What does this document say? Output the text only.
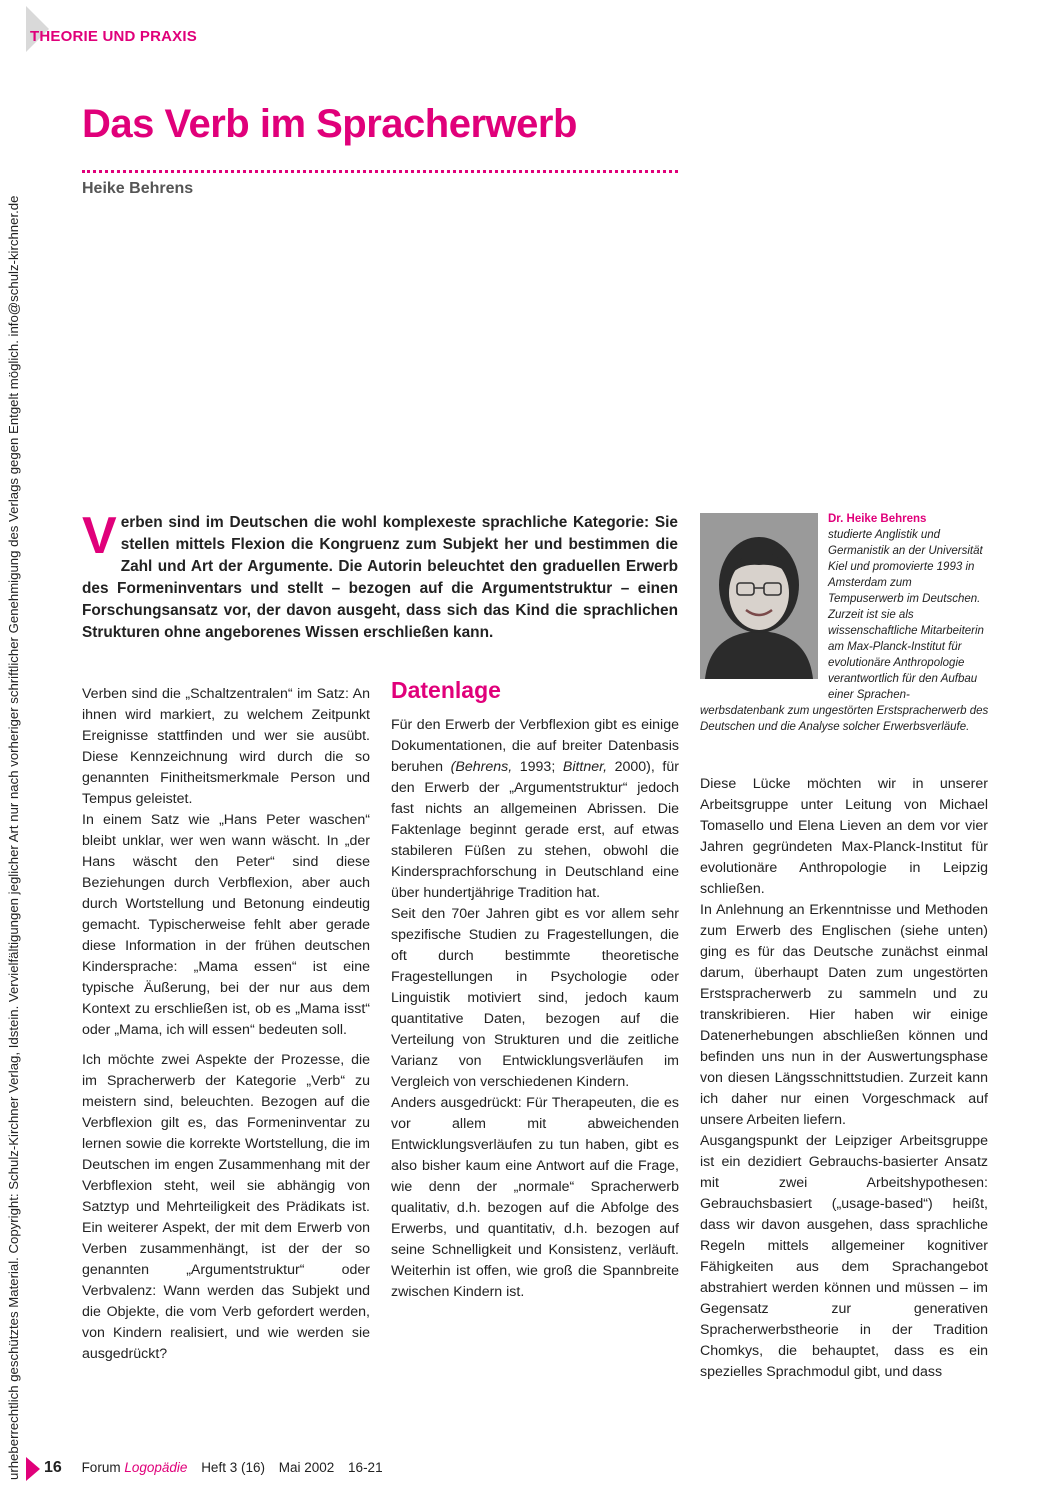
THEORIE UND PRAXIS
urheberrechtlich geschütztes Material. Copyright: Schulz-Kirchner Verlag, Idstein. Vervielfältigungen jeglicher Art nur nach vorheriger schriftlicher Genehmigung des Verlags gegen Entgelt möglich. info@schulz-kirchner.de
Das Verb im Spracherwerb
Heike Behrens
Verben sind im Deutschen die wohl komplexeste sprachliche Kategorie: Sie stellen mittels Flexion die Kongruenz zum Subjekt her und bestimmen die Zahl und Art der Argumente. Die Autorin beleuchtet den graduellen Erwerb des Formeninventars und stellt – bezogen auf die Argumentstruktur – einen Forschungsansatz vor, der davon ausgeht, dass sich das Kind die sprachlichen Strukturen ohne angeborenes Wissen erschließen kann.
Dr. Heike Behrens
studierte Anglistik und Germanistik an der Universität Kiel und promovierte 1993 in Amsterdam zum Tempuserwerb im Deutschen. Zurzeit ist sie als wissenschaftliche Mitarbeiterin am Max-Planck-Institut für evolutionäre Anthropologie verantwortlich für den Aufbau einer Sprachen-
werbsdatenbank zum ungestörten Erstspracherwerb des Deutschen und die Analyse solcher Erwerbsverläufe.

Verben sind die „Schaltzentralen“ im Satz: An ihnen wird markiert, zu welchem Zeitpunkt Ereignisse stattfinden und wer sie ausübt. Diese Kennzeichnung wird durch die so genannten Finitheitsmerkmale Person und Tempus geleistet.

In einem Satz wie „Hans Peter waschen“ bleibt unklar, wer wen wann wäscht. In „der Hans wäscht den Peter“ sind diese Beziehungen durch Verbflexion, aber auch durch Wortstellung und Betonung eindeutig gemacht. Typischerweise fehlt aber gerade diese Information in der frühen deutschen Kindersprache: „Mama essen“ ist eine typische Äußerung, bei der nur aus dem Kontext zu erschließen ist, ob es „Mama isst“ oder „Mama, ich will essen“ bedeuten soll.

Ich möchte zwei Aspekte der Prozesse, die im Spracherwerb der Kategorie „Verb“ zu meistern sind, beleuchten. Bezogen auf die Verbflexion gilt es, das Formeninventar zu lernen sowie die korrekte Wortstellung, die im Deutschen im engen Zusammenhang mit der Verbflexion steht, weil sie abhängig von Satztyp und Mehrteiligkeit des Prädikats ist. Ein weiterer Aspekt, der mit dem Erwerb von Verben zusammenhängt, ist der der so genannten „Argumentstruktur“ oder Verbvalenz: Wann werden das Subjekt und die Objekte, die vom Verb gefordert werden, von Kindern realisiert, und wie werden sie ausgedrückt?

Datenlage

Für den Erwerb der Verbflexion gibt es einige Dokumentationen, die auf breiter Datenbasis beruhen (Behrens, 1993; Bittner, 2000), für den Erwerb der „Argumentstruktur“ jedoch fast nichts an allgemeinen Abrissen. Die Faktenlage beginnt gerade erst, auf etwas stabileren Füßen zu stehen, obwohl die Kindersprachforschung in Deutschland eine über hundertjährige Tradition hat.

Seit den 70er Jahren gibt es vor allem sehr spezifische Studien zu Fragestellungen, die oft durch bestimmte theoretische Fragestellungen in Psychologie oder Linguistik motiviert sind, jedoch kaum quantitative Daten, bezogen auf die Verteilung von Strukturen und die zeitliche Varianz von Entwicklungsverläufen im Vergleich von verschiedenen Kindern.

Anders ausgedrückt: Für Therapeuten, die es vor allem mit abweichenden Entwicklungsverläufen zu tun haben, gibt es also bisher kaum eine Antwort auf die Frage, wie denn der „normale“ Spracherwerb qualitativ, d.h. bezogen auf die Abfolge des Erwerbs, und quantitativ, d.h. bezogen auf seine Schnelligkeit und Konsistenz, verläuft. Weiterhin ist offen, wie groß die Spannbreite zwischen Kindern ist.

Diese Lücke möchten wir in unserer Arbeitsgruppe unter Leitung von Michael Tomasello und Elena Lieven an dem vor vier Jahren gegründeten Max-Planck-Institut für evolutionäre Anthropologie in Leipzig schließen.

In Anlehnung an Erkenntnisse und Methoden zum Erwerb des Englischen (siehe unten) ging es für das Deutsche zunächst einmal darum, überhaupt Daten zum ungestörten Erstspracherwerb zu sammeln und zu transkribieren. Hier haben wir einige Datenerhebungen abschließen können und befinden uns nun in der Auswertungsphase von diesen Längsschnittstudien. Zurzeit kann ich daher nur einen Vorgeschmack auf unsere Arbeiten liefern.

Ausgangspunkt der Leipziger Arbeitsgruppe ist ein dezidiert Gebrauchs-basierter Ansatz mit zwei Arbeitshypothesen: Gebrauchsbasiert („usage-based“) heißt, dass wir davon ausgehen, dass sprachliche Regeln mittels allgemeiner kognitiver Fähigkeiten aus dem Sprachangebot abstrahiert werden können und müssen – im Gegensatz zur generativen Spracherwerbstheorie in der Tradition Chomkys, die behauptet, dass es ein spezielles Sprachmodul gibt, und dass

16 Forum Logopädie Heft 3 (16) Mai 2002 16-21
